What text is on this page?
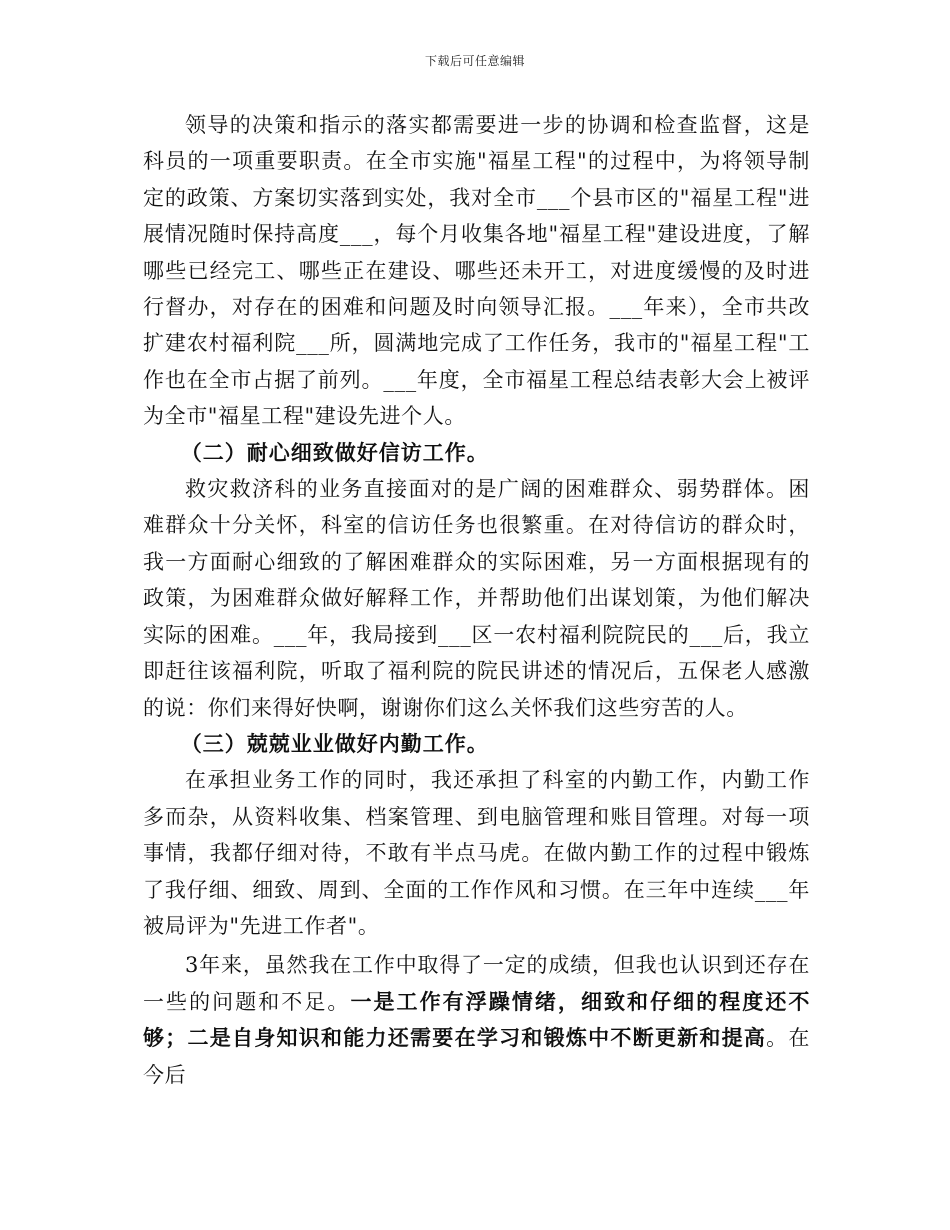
下载后可任意编辑

领导的决策和指示的落实都需要进一步的协调和检查监督，这是科员的一项重要职责。在全市实施"福星工程"的过程中，为将领导制定的政策、方案切实落到实处，我对全市___个县市区的"福星工程"进展情况随时保持高度___，每个月收集各地"福星工程"建设进度，了解哪些已经完工、哪些正在建设、哪些还未开工，对进度缓慢的及时进行督办，对存在的困难和问题及时向领导汇报。___年来），全市共改扩建农村福利院___所，圆满地完成了工作任务，我市的"福星工程"工作也在全市占据了前列。___年度，全市福星工程总结表彰大会上被评为全市"福星工程"建设先进个人。

（二）耐心细致做好信访工作。

救灾救济科的业务直接面对的是广阔的困难群众、弱势群体。困难群众十分关怀，科室的信访任务也很繁重。在对待信访的群众时，我一方面耐心细致的了解困难群众的实际困难，另一方面根据现有的政策，为困难群众做好解释工作，并帮助他们出谋划策，为他们解决实际的困难。___年，我局接到___区一农村福利院院民的___后，我立即赶往该福利院，听取了福利院的院民讲述的情况后，五保老人感激的说：你们来得好快啊，谢谢你们这么关怀我们这些穷苦的人。

（三）兢兢业业做好内勤工作。

在承担业务工作的同时，我还承担了科室的内勤工作，内勤工作多而杂，从资料收集、档案管理、到电脑管理和账目管理。对每一项事情，我都仔细对待，不敢有半点马虎。在做内勤工作的过程中锻炼了我仔细、细致、周到、全面的工作作风和习惯。在三年中连续___年被局评为"先进工作者"。

3年来，虽然我在工作中取得了一定的成绩，但我也认识到还存在一些的问题和不足。一是工作有浮躁情绪，细致和仔细的程度还不够；二是自身知识和能力还需要在学习和锻炼中不断更新和提高。在今后
